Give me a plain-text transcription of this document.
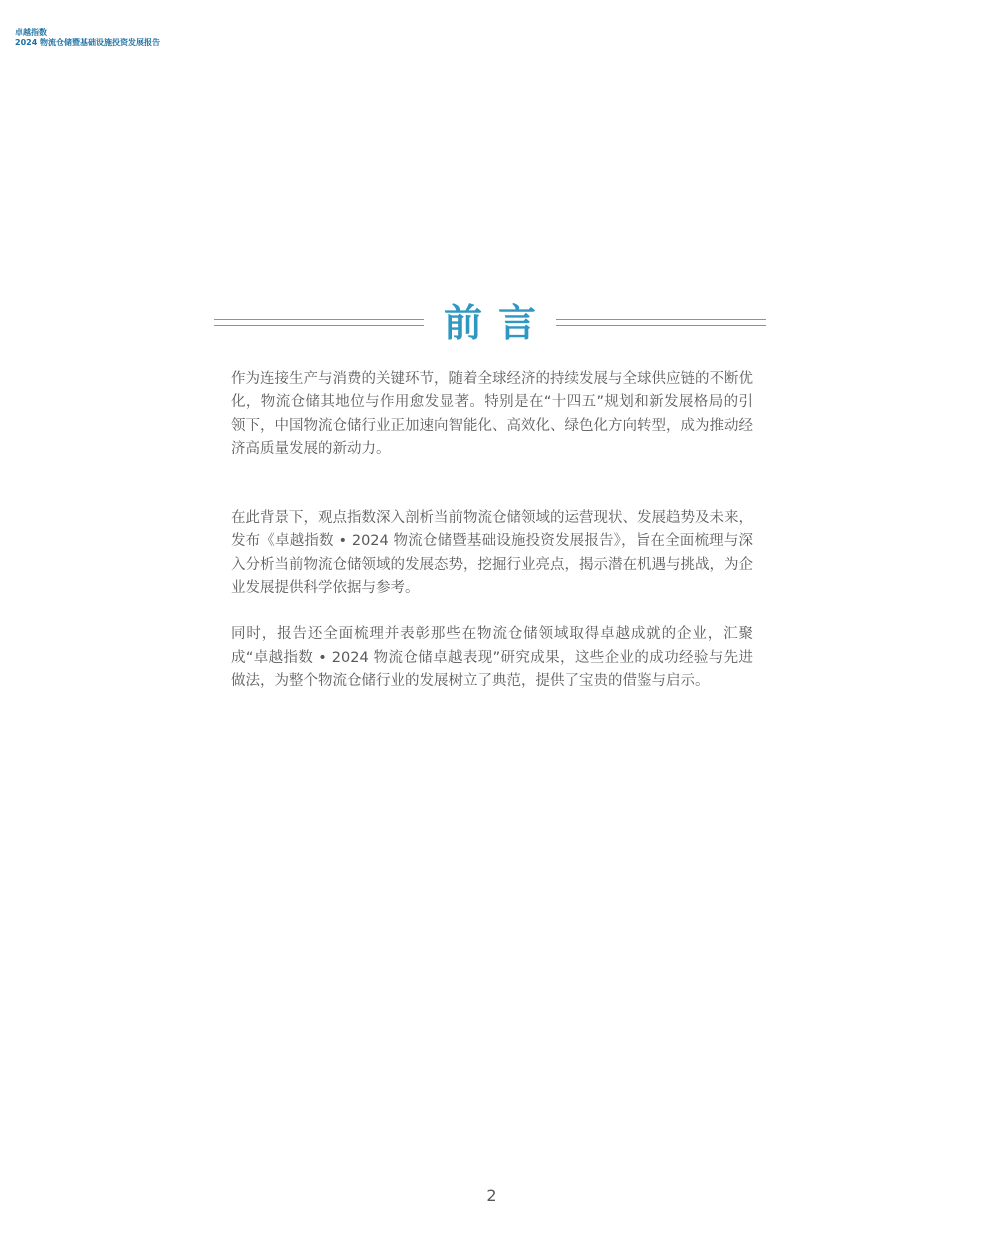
卓越指数
2024 物流仓储暨基础设施投资发展报告
前言

作为连接生产与消费的关键环节，随着全球经济的持续发展与全球供应链的不断优化，物流仓储其地位与作用愈发显著。特别是在“十四五”规划和新发展格局的引领下，中国物流仓储行业正加速向智能化、高效化、绿色化方向转型，成为推动经济高质量发展的新动力。

在此背景下，观点指数深入剖析当前物流仓储领域的运营现状、发展趋势及未来，发布《卓越指数 • 2024 物流仓储暨基础设施投资发展报告》，旨在全面梳理与深入分析当前物流仓储领域的发展态势，挖掘行业亮点，揭示潜在机遇与挑战，为企业发展提供科学依据与参考。

同时，报告还全面梳理并表彰那些在物流仓储领域取得卓越成就的企业，汇聚成“卓越指数 • 2024 物流仓储卓越表现”研究成果，这些企业的成功经验与先进做法，为整个物流仓储行业的发展树立了典范，提供了宝贵的借鉴与启示。

2
